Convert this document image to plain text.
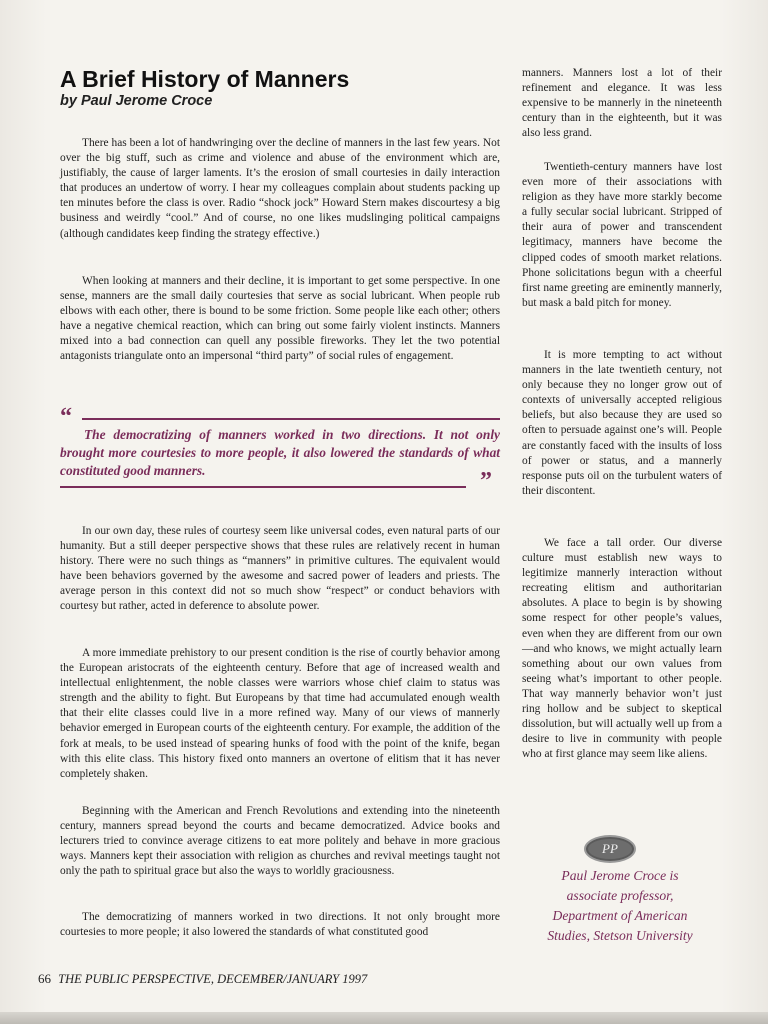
A Brief History of Manners
by Paul Jerome Croce

There has been a lot of handwringing over the decline of manners in the last few years. Not over the big stuff, such as crime and violence and abuse of the environment which are, justifiably, the cause of larger laments. It’s the erosion of small courtesies in daily interaction that produces an undertow of worry. I hear my colleagues complain about students packing up ten minutes before the class is over. Radio “shock jock” Howard Stern makes discourtesy a big business and weirdly “cool.” And of course, no one likes mudslinging political campaigns (although candidates keep finding the strategy effective.)

When looking at manners and their decline, it is important to get some perspective. In one sense, manners are the small daily courtesies that serve as social lubricant. When people rub elbows with each other, there is bound to be some friction. Some people like each other; others have a negative chemical reaction, which can bring out some fairly violent instincts. Manners mixed into a bad connection can quell any possible fireworks. They let the two potential antagonists triangulate onto an impersonal “third party” of social rules of engagement.

“
The democratizing of manners worked in two directions. It not only brought more courtesies to more people, it also lowered the standards of what constituted good manners.	”

In our own day, these rules of courtesy seem like universal codes, even natural parts of our humanity. But a still deeper perspective shows that these rules are relatively recent in human history. There were no such things as “manners” in primitive cultures. The equivalent would have been behaviors governed by the awesome and sacred power of leaders and priests. The average person in this context did not so much show “respect” or conduct behaviors with courtesy but rather, acted in deference to absolute power.

A more immediate prehistory to our present condition is the rise of courtly behavior among the European aristocrats of the eighteenth century. Before that age of increased wealth and intellectual enlightenment, the noble classes were warriors whose chief claim to status was strength and the ability to fight. But Europeans by that time had accumulated enough wealth that their elite classes could live in a more refined way. Many of our views of mannerly behavior emerged in European courts of the eighteenth century. For example, the addition of the fork at meals, to be used instead of spearing hunks of food with the point of the knife, began with this elite class. This history fixed onto manners an overtone of elitism that it has never completely shaken.

Beginning with the American and French Revolutions and extending into the nineteenth century, manners spread beyond the courts and became democratized. Advice books and lecturers tried to convince average citizens to eat more politely and behave in more gracious ways. Manners kept their association with religion as churches and revival meetings taught not only the path to spiritual grace but also the ways to worldly graciousness.

The democratizing of manners worked in two directions. It not only brought more courtesies to more people; it also lowered the standards of what constituted good

manners. Manners lost a lot of their refinement and elegance. It was less expensive to be mannerly in the nineteenth century than in the eighteenth, but it was also less grand.

Twentieth-century manners have lost even more of their associations with religion as they have more starkly become a fully secular social lubricant. Stripped of their aura of power and transcendent legitimacy, manners have become the clipped codes of smooth market relations. Phone solicitations begun with a cheerful first name greeting are eminently mannerly, but mask a bald pitch for money.

It is more tempting to act without manners in the late twentieth century, not only because they no longer grow out of contexts of universally accepted religious beliefs, but also because they are used so often to persuade against one’s will. People are constantly faced with the insults of loss of power or status, and a mannerly response puts oil on the turbulent waters of their discontent.

We face a tall order. Our diverse culture must establish new ways to legitimize mannerly interaction without recreating elitism and authoritarian absolutes. A place to begin is by showing some respect for other people’s values, even when they are different from our own—and who knows, we might actually learn something about our own values from seeing what’s important to other people. That way mannerly behavior won’t just ring hollow and be subject to skeptical dissolution, but will actually well up from a desire to live in community with people who at first glance may seem like aliens.

PP
Paul Jerome Croce is
associate professor,
Department of American
Studies, Stetson University
66 THE PUBLIC PERSPECTIVE, DECEMBER/JANUARY 1997
